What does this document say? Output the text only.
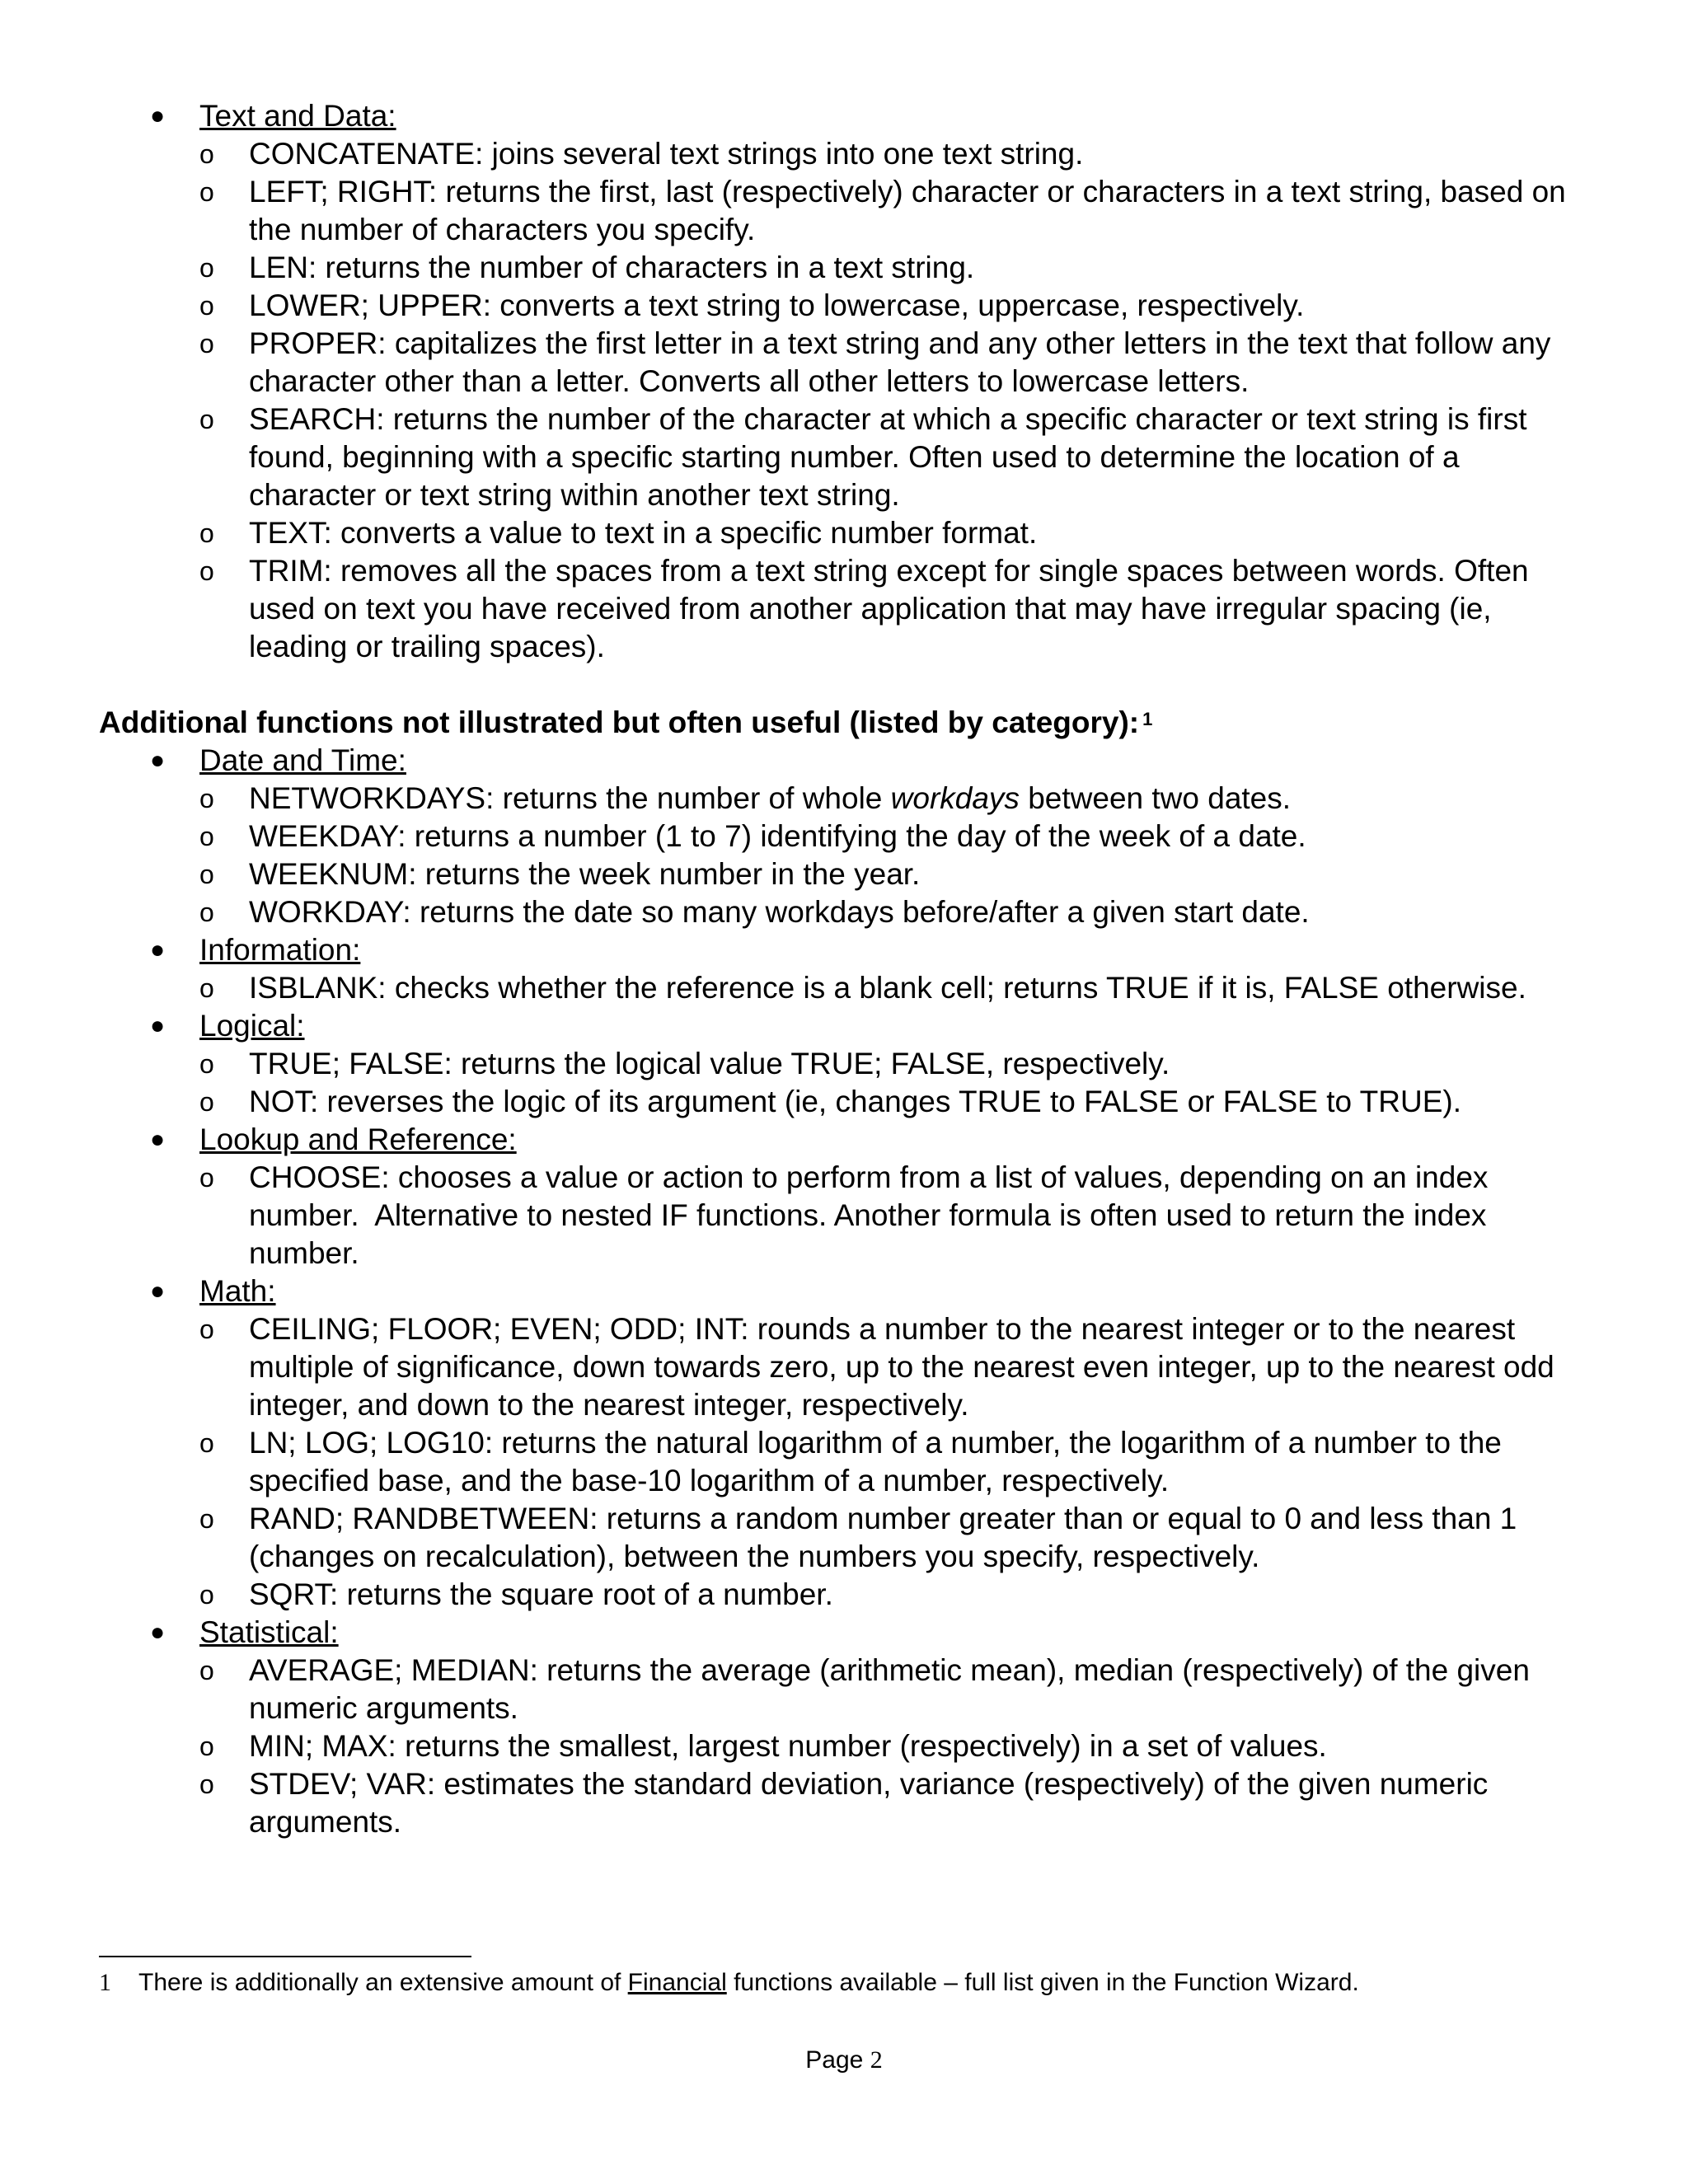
● Text and Data:
o CONCATENATE: joins several text strings into one text string.
o LEFT; RIGHT: returns the first, last (respectively) character or characters in a text string, based on the number of characters you specify.
o LEN: returns the number of characters in a text string.
o LOWER; UPPER: converts a text string to lowercase, uppercase, respectively.
o PROPER: capitalizes the first letter in a text string and any other letters in the text that follow any character other than a letter. Converts all other letters to lowercase letters.
o SEARCH: returns the number of the character at which a specific character or text string is first found, beginning with a specific starting number. Often used to determine the location of a character or text string within another text string.
o TEXT: converts a value to text in a specific number format.
o TRIM: removes all the spaces from a text string except for single spaces between words. Often used on text you have received from another application that may have irregular spacing (ie, leading or trailing spaces).
Additional functions not illustrated but often useful (listed by category): $^1$
● Date and Time:
o NETWORKDAYS: returns the number of whole workdays between two dates.
o WEEKDAY: returns a number (1 to 7) identifying the day of the week of a date.
o WEEKNUM: returns the week number in the year.
o WORKDAY: returns the date so many workdays before/after a given start date.
● Information:
o ISBLANK: checks whether the reference is a blank cell; returns TRUE if it is, FALSE otherwise.
● Logical:
o TRUE; FALSE: returns the logical value TRUE; FALSE, respectively.
o NOT: reverses the logic of its argument (ie, changes TRUE to FALSE or FALSE to TRUE).
● Lookup and Reference:
o CHOOSE: chooses a value or action to perform from a list of values, depending on an index number.  Alternative to nested IF functions. Another formula is often used to return the index number.
● Math:
o CEILING; FLOOR; EVEN; ODD; INT: rounds a number to the nearest integer or to the nearest multiple of significance, down towards zero, up to the nearest even integer, up to the nearest odd integer, and down to the nearest integer, respectively.
o LN; LOG; LOG10: returns the natural logarithm of a number, the logarithm of a number to the specified base, and the base-10 logarithm of a number, respectively.
o RAND; RANDBETWEEN: returns a random number greater than or equal to 0 and less than 1 (changes on recalculation), between the numbers you specify, respectively.
o SQRT: returns the square root of a number.
● Statistical:
o AVERAGE; MEDIAN: returns the average (arithmetic mean), median (respectively) of the given numeric arguments.
o MIN; MAX: returns the smallest, largest number (respectively) in a set of values.
o STDEV; VAR: estimates the standard deviation, variance (respectively) of the given numeric arguments.
1 There is additionally an extensive amount of Financial functions available – full list given in the Function Wizard.
Page 2
